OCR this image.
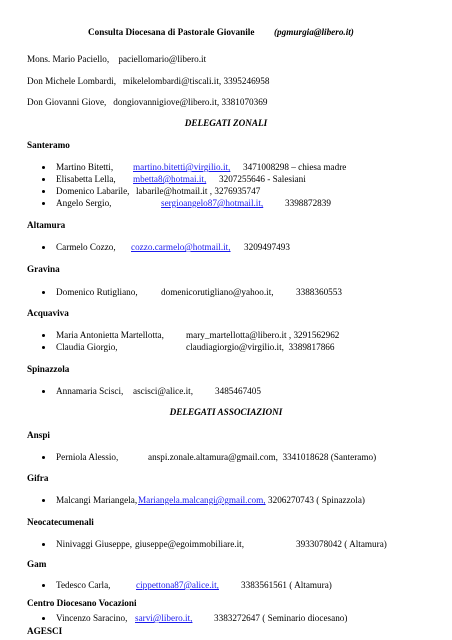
Consulta Diocesana di Pastorale Giovanile (pgmurgia@libero.it)
Mons. Mario Paciello,    paciellomario@libero.it
Don Michele Lombardi,   mikelelombardi@tiscali.it, 3395246958
Don Giovanni Giove,   dongiovannigiove@libero.it, 3381070369
DELEGATI ZONALI
Santeramo
Martino Bitetti, martino.bitetti@virgilio.it, 3471008298 – chiesa madre
Elisabetta Lella, mbetta8@hotmai.it, 3207255646 - Salesiani
Domenico Labarile, labarile@hotmail.it , 3276935747
Angelo Sergio,	sergioangelo87@hotmail.it, 3398872839
Altamura
Carmelo Cozzo, cozzo.carmelo@hotmail.it, 3209497493
Gravina
Domenico Rutigliano,	domenicorutigliano@yahoo.it, 3388360553
Acquaviva
Maria Antonietta Martellotta, mary_martellotta@libero.it , 3291562962
Claudia Giorgio,	claudiagiorgio@virgilio.it,  3389817866
Spinazzola
Annamaria Scisci, ascisci@alice.it, 3485467405
DELEGATI ASSOCIAZIONI
Anspi
Perniola Alessio,	anspi.zonale.altamura@gmail.com,  3341018628 (Santeramo)
Gifra
Malcangi Mariangela, Mariangela.malcangi@gmail.com, 3206270743 ( Spinazzola)
Neocatecumenali
Ninivaggi Giuseppe, giuseppe@egoimmobiliare.it,	3933078042 ( Altamura)
Gam
Tedesco Carla,	cippettona87@alice.it, 3383561561 ( Altamura)
Centro Diocesano Vocazioni
Vincenzo Saracino, sarvi@libero.it, 3383272647 ( Seminario diocesano)
AGESCI
